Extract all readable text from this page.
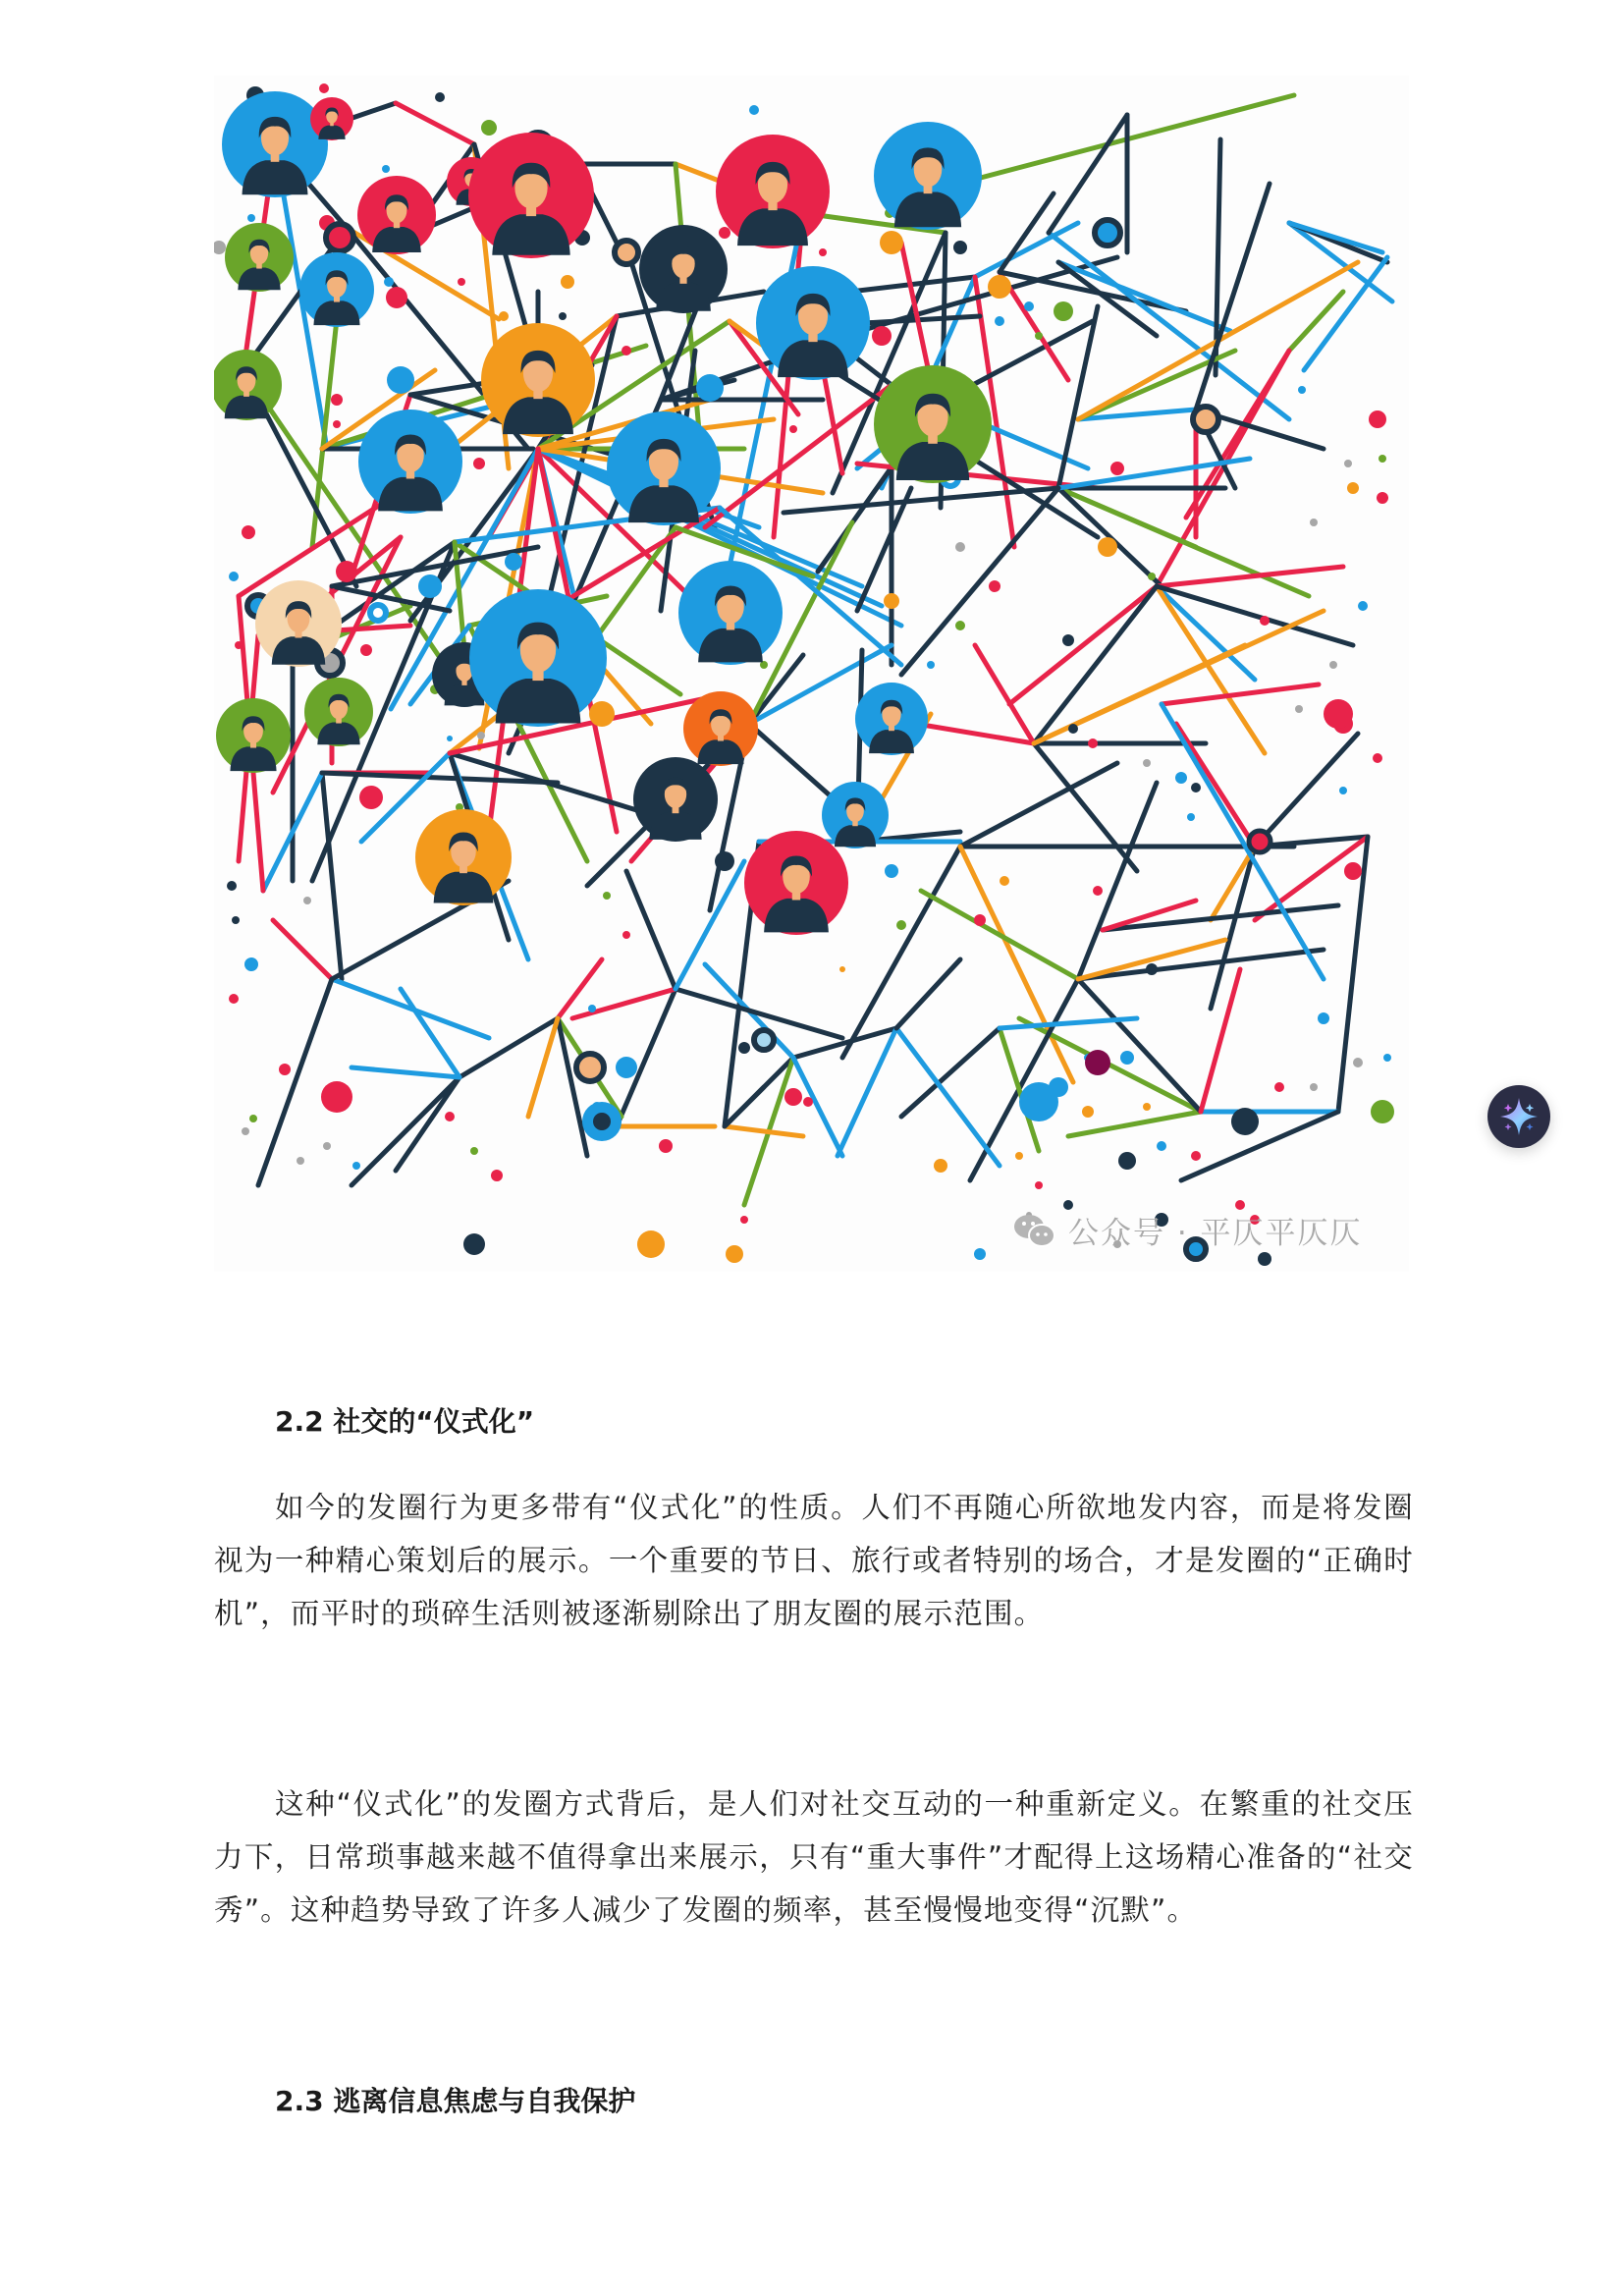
公众号 · 平仄平仄仄
2.2 社交的“仪式化”
如今的发圈行为更多带有“仪式化”的性质。人们不再随心所欲地发内容，而是将发圈视为一种精心策划后的展示。一个重要的节日、旅行或者特别的场合，才是发圈的“正确时机”，而平时的琐碎生活则被逐渐剔除出了朋友圈的展示范围。
这种“仪式化”的发圈方式背后，是人们对社交互动的一种重新定义。在繁重的社交压力下，日常琐事越来越不值得拿出来展示，只有“重大事件”才配得上这场精心准备的“社交秀”。这种趋势导致了许多人减少了发圈的频率，甚至慢慢地变得“沉默”。
2.3 逃离信息焦虑与自我保护
